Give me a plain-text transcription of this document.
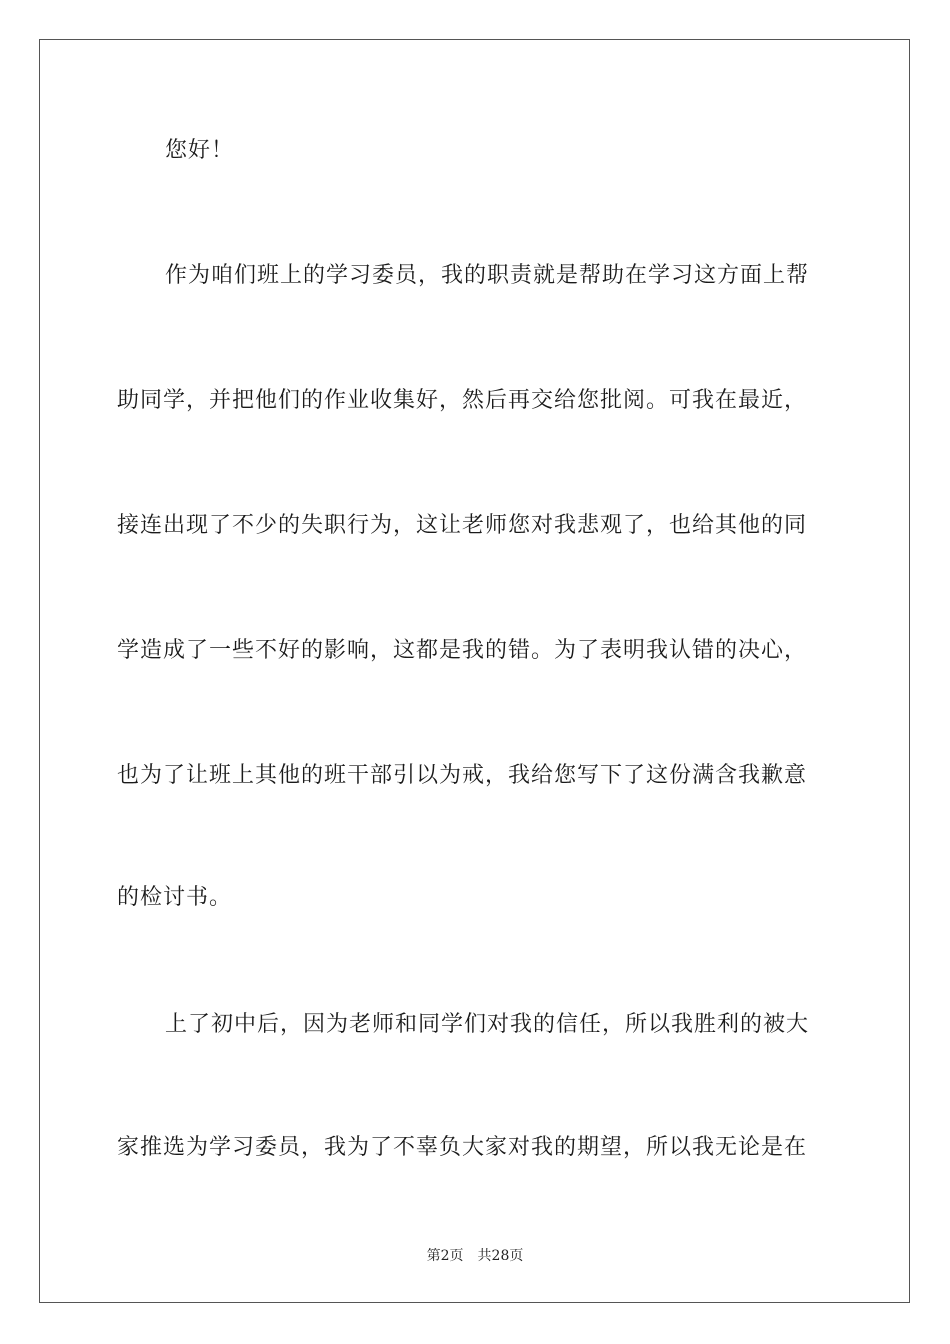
您好！
作为咱们班上的学习委员，我的职责就是帮助在学习这方面上帮
助同学，并把他们的作业收集好，然后再交给您批阅。可我在最近，
接连出现了不少的失职行为，这让老师您对我悲观了，也给其他的同
学造成了一些不好的影响，这都是我的错。为了表明我认错的决心，
也为了让班上其他的班干部引以为戒，我给您写下了这份满含我歉意
的检讨书。
上了初中后，因为老师和同学们对我的信任，所以我胜利的被大
家推选为学习委员，我为了不辜负大家对我的期望，所以我无论是在
第2页 共28页
